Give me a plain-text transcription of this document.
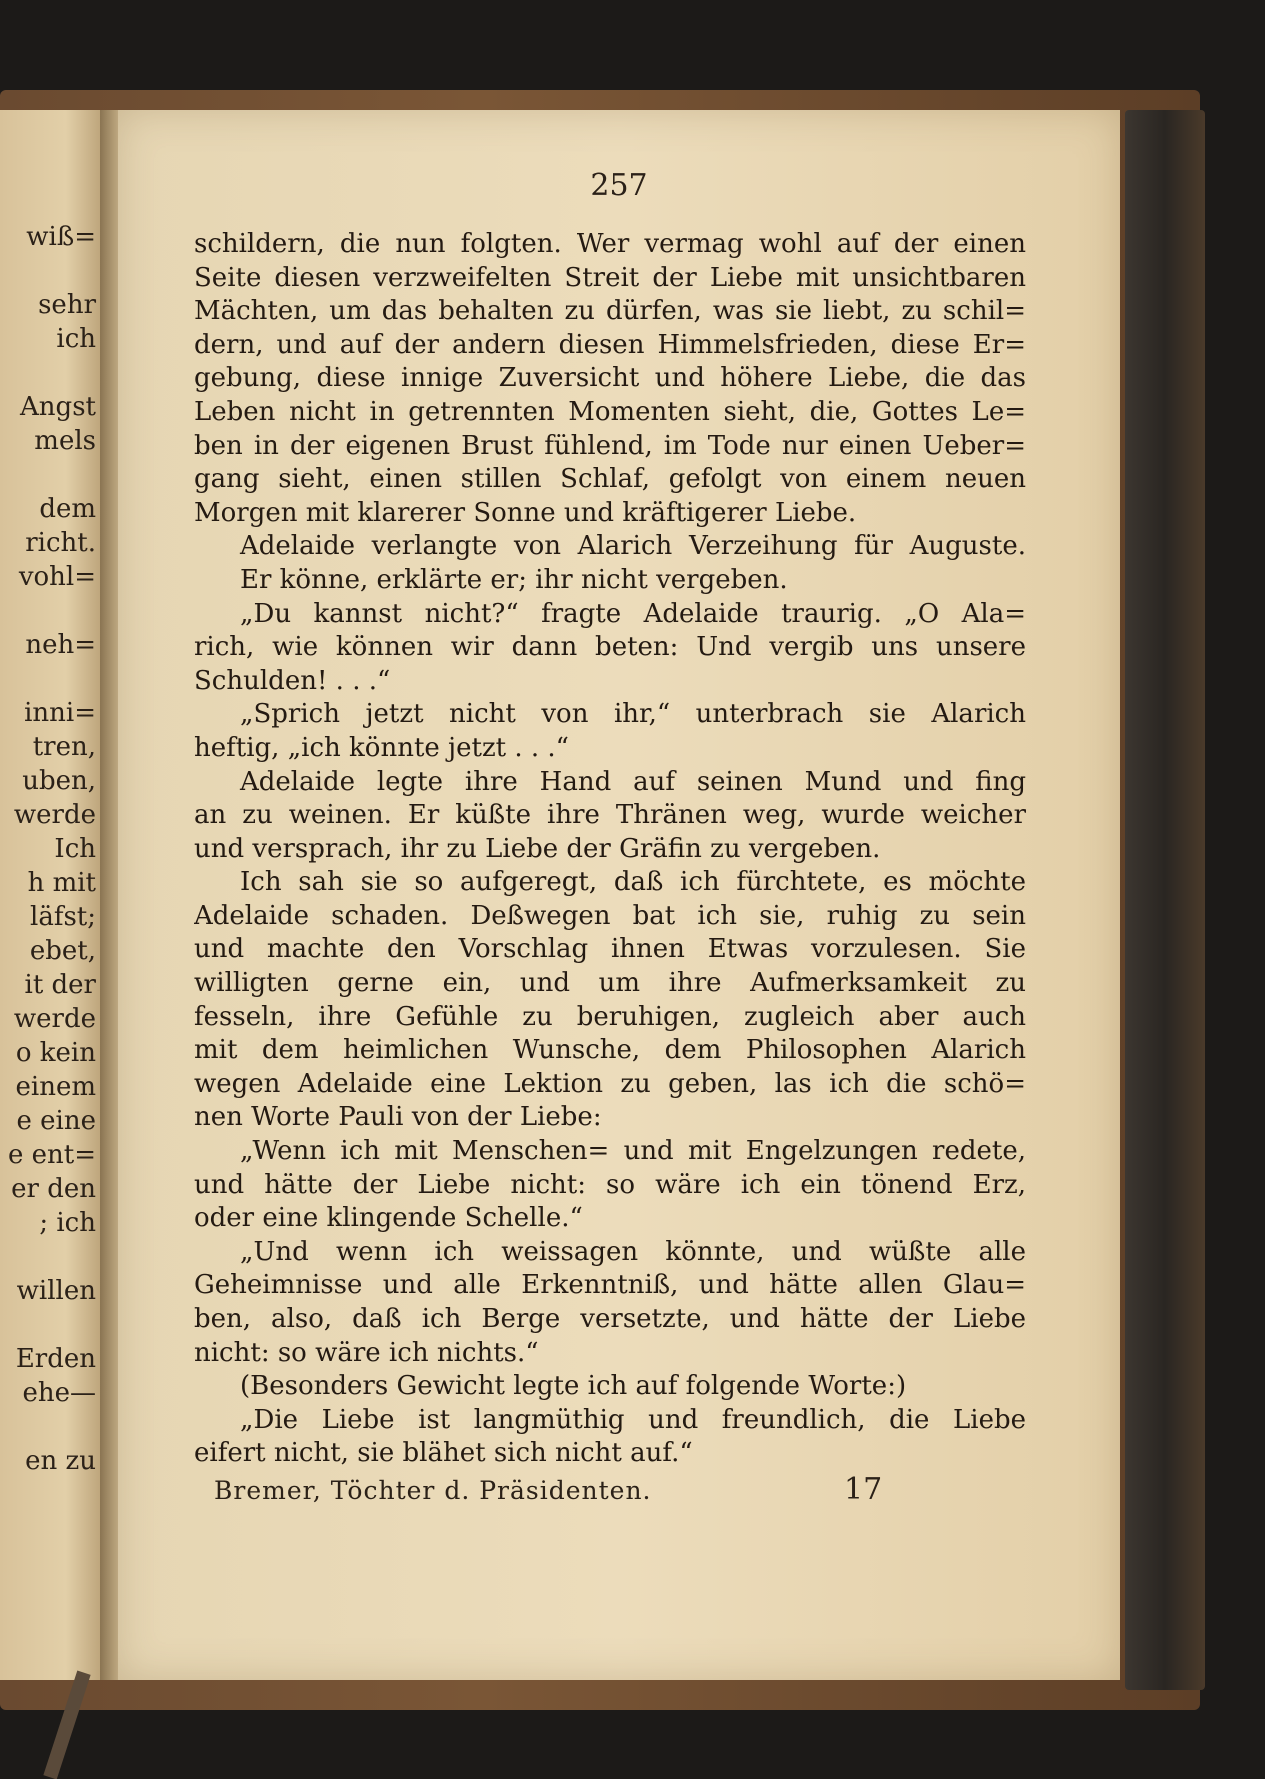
wiß=

sehr
ich

Angst
mels

dem
richt.
vohl=

neh=

inni=
tren,
uben,
werde
Ich
h mit
läfst;
ebet,
it der
werde
o kein
einem
e eine
e ent=
er den
; ich

willen

Erden
ehe—

en zu
257
schildern, die nun folgten. Wer vermag wohl auf der einen
Seite diesen verzweifelten Streit der Liebe mit unsichtbaren
Mächten, um das behalten zu dürfen, was sie liebt, zu schil=
dern, und auf der andern diesen Himmelsfrieden, diese Er=
gebung, diese innige Zuversicht und höhere Liebe, die das
Leben nicht in getrennten Momenten sieht, die, Gottes Le=
ben in der eigenen Brust fühlend, im Tode nur einen Ueber=
gang sieht, einen stillen Schlaf, gefolgt von einem neuen
Morgen mit klarerer Sonne und kräftigerer Liebe.
Adelaide verlangte von Alarich Verzeihung für Auguste.
Er könne, erklärte er; ihr nicht vergeben.
„Du kannst nicht?“ fragte Adelaide traurig. „O Ala=
rich, wie können wir dann beten: Und vergib uns unsere
Schulden! . . .“
„Sprich jetzt nicht von ihr,“ unterbrach sie Alarich
heftig, „ich könnte jetzt . . .“
Adelaide legte ihre Hand auf seinen Mund und fing
an zu weinen. Er küßte ihre Thränen weg, wurde weicher
und versprach, ihr zu Liebe der Gräfin zu vergeben.
Ich sah sie so aufgeregt, daß ich fürchtete, es möchte
Adelaide schaden. Deßwegen bat ich sie, ruhig zu sein
und machte den Vorschlag ihnen Etwas vorzulesen. Sie
willigten gerne ein, und um ihre Aufmerksamkeit zu
fesseln, ihre Gefühle zu beruhigen, zugleich aber auch
mit dem heimlichen Wunsche, dem Philosophen Alarich
wegen Adelaide eine Lektion zu geben, las ich die schö=
nen Worte Pauli von der Liebe:
„Wenn ich mit Menschen= und mit Engelzungen redete,
und hätte der Liebe nicht: so wäre ich ein tönend Erz,
oder eine klingende Schelle.“
„Und wenn ich weissagen könnte, und wüßte alle
Geheimnisse und alle Erkenntniß, und hätte allen Glau=
ben, also, daß ich Berge versetzte, und hätte der Liebe
nicht: so wäre ich nichts.“
(Besonders Gewicht legte ich auf folgende Worte:)
„Die Liebe ist langmüthig und freundlich, die Liebe
eifert nicht, sie blähet sich nicht auf.“
Bremer, Töchter d. Präsidenten.	17
